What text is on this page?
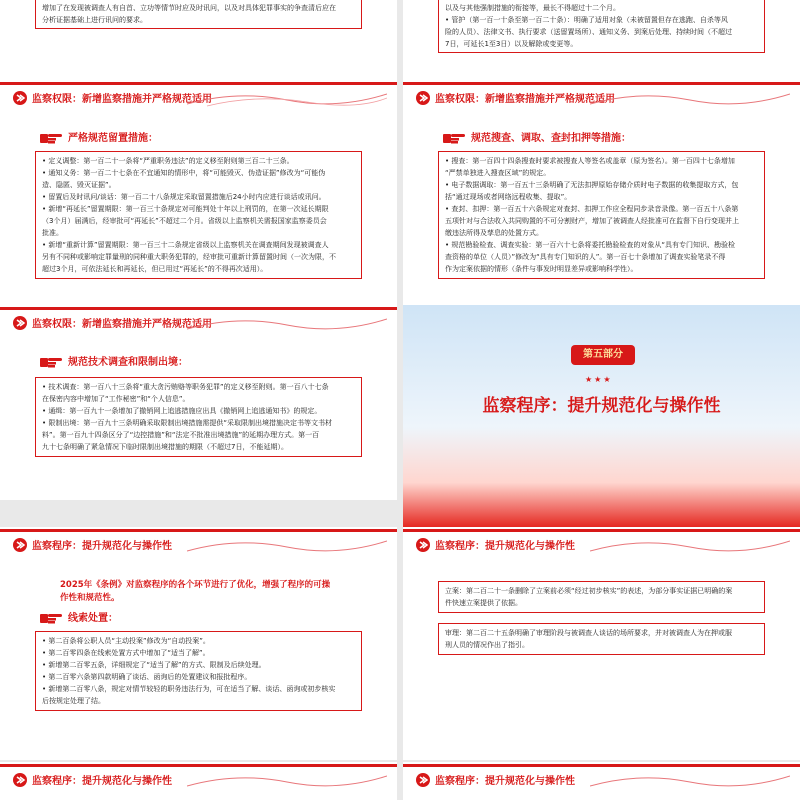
增加了在发现被调查人有自首、立功等情节时应及时讯问，以及对具体犯罪事实的争查清后应在

分析证据基础上进行讯问的要求。

监察权限：新增监察措施并严格规范适用

以及与其他强制措施的衔接等，最长不得超过十二个月。

• 管护（第一百一十条至第一百二十条）：明确了适用对象（未被留置但存在逃跑、自杀等风

险的人员）、法律文书、执行要求（送留置场所）、通知义务、到案后处理、持续时间（不超过

7日，可延长1至3日）以及解除或变更等。

监察权限：新增监察措施并严格规范适用
严格规范留置措施：

• 定义调整：第一百二十一条将“严重职务违法”的定义移至附则第三百二十三条。

• 通知义务：第一百二十七条在不宜通知的情形中，将“可能毁灭、伪造证据”修改为“可能伪

造、隐匿、毁灭证据”。

• 留置后及时讯问/谈话：第一百二十八条规定采取留置措施后24小时内应进行谈话或讯问。

• 新增“再延长”留置期限：第一百三十条规定对可能判处十年以上刑罚的，在第一次延长期限

（3个月）届满后，经审批可“再延长”不超过二个月。省级以上监察机关需报国家监察委员会

批准。

• 新增“重新计算”留置期限：第一百三十二条规定省级以上监察机关在调查期间发现被调查人

另有不同种或影响定罪量刑的同种重大职务犯罪的，经审批可重新计算留置时间（一次为限，不

超过3个月，可依法延长和再延长，但已用过“再延长”的不得再次适用）。

规范搜查、调取、查封扣押等措施：

• 搜查：第一百四十四条搜查时要求被搜查人等签名或盖章（原为签名）。第一百四十七条增加

“严禁单独进入搜查区域”的规定。

• 电子数据调取：第一百五十三条明确了无法扣押原始存储介质时电子数据的收集提取方式，包

括“通过现场或者网络远程收集、提取”。

• 查封、扣押：第一百五十六条规定对查封、扣押工作应全程同步录音录像。第一百五十八条第

五项针对与合法收入共同购置的不可分割财产，增加了被调查人经批准可在监督下自行变现并上

缴违法所得及孳息的处置方式。

• 规范勘验检查、调查实验：第一百六十七条将委托勘验检查的对象从“具有专门知识、勘验检

查资格的单位（人员）”修改为“具有专门知识的人”。第一百七十条增加了调查实验笔录不得

作为定案依据的情形（条件与事发时明显差异或影响科学性）。

监察权限：新增监察措施并严格规范适用
规范技术调查和限制出境：

• 技术调查：第一百八十三条将“重大贪污贿赂等职务犯罪”的定义移至附则。第一百八十七条

在保密内容中增加了“工作秘密”和“个人信息”。

• 通缉：第一百九十一条增加了撤销网上追逃措施应出具《撤销网上追逃通知书》的规定。

• 限制出境：第一百九十三条明确采取限制出境措施需提供“采取限制出境措施决定书等文书材

料”。第一百九十四条区分了“边控措施”和“法定不批准出境措施”的延期办理方式。第一百

九十七条明确了紧急情况下临时限制出境措施的期限（不超过7日，不能延期）。

第五部分
★★★
监察程序：提升规范化与操作性
监察程序：提升规范化与操作性
2025年《条例》对监察程序的各个环节进行了优化，增强了程序的可操作性和规范性。
线索处置：

• 第二百条将公职人员“主动投案”修改为“自动投案”。

• 第二百零四条在线索处置方式中增加了“适当了解”。

• 新增第二百零五条，详细规定了“适当了解”的方式、限制及后续处理。

• 第二百零六条第四款明确了谈话、函询后的处置建议和报批程序。

• 新增第二百零八条，规定对情节较轻的职务违法行为，可在适当了解、谈话、函询或初步核实

后按规定处理了结。

监察程序：提升规范化与操作性

立案：第二百二十一条删除了立案前必须“经过初步核实”的表述，为部分事实证据已明确的案

件快速立案提供了依据。

审理：第二百二十五条明确了审理阶段与被调查人谈话的场所要求，并对被调查人为在押或服

刑人员的情况作出了指引。

监察程序：提升规范化与操作性	监察程序：提升规范化与操作性
